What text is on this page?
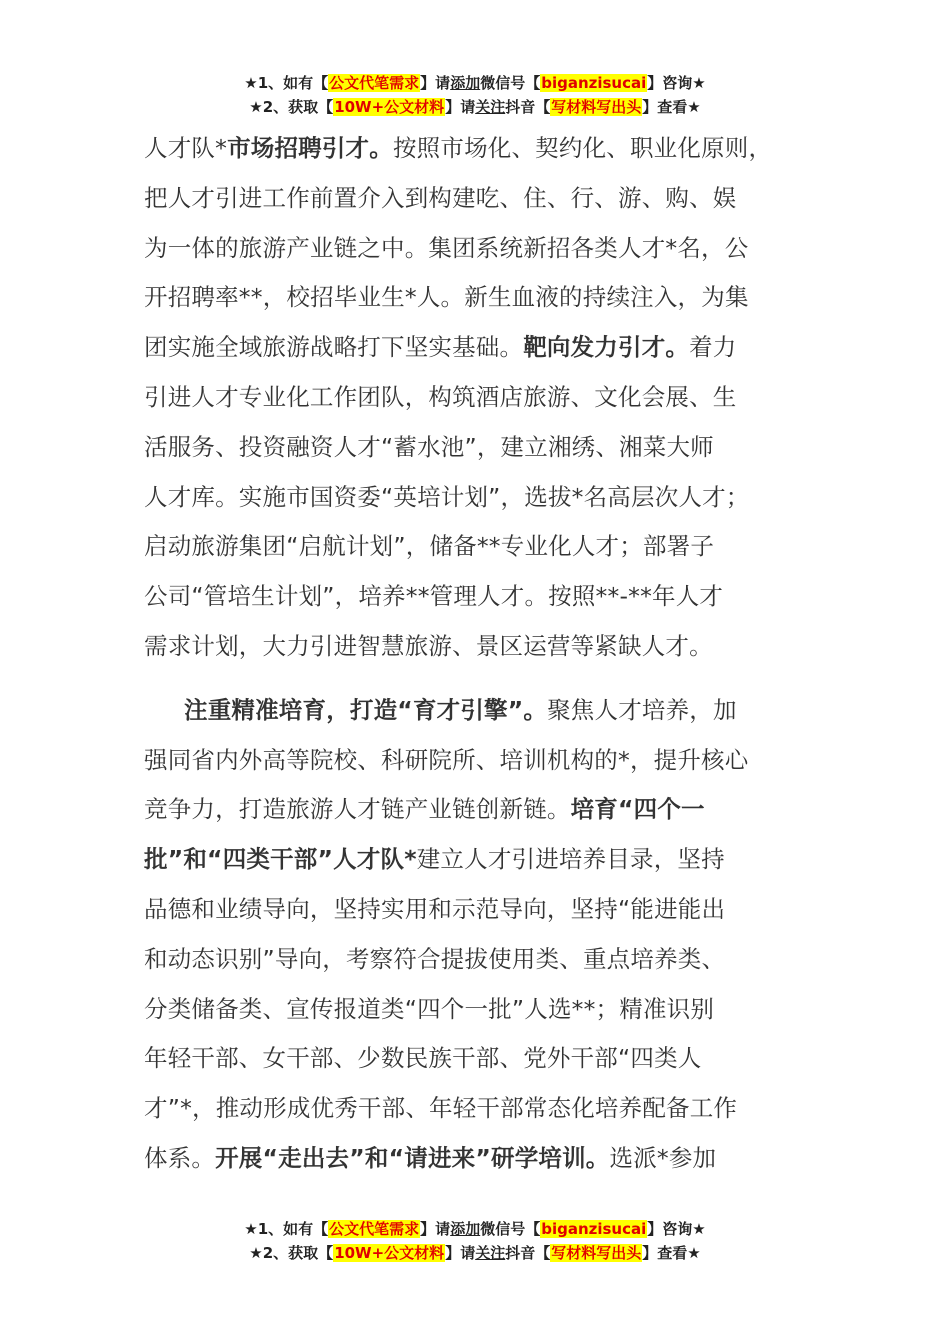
★1、如有【公文代笔需求】请添加微信号【biganzisucai】咨询★
★2、获取【10W+公文材料】请关注抖音【写材料写出头】查看★
人才队*市场招聘引才。按照市场化、契约化、职业化原则，
把人才引进工作前置介入到构建吃、住、行、游、购、娱
为一体的旅游产业链之中。集团系统新招各类人才*名，公
开招聘率**，校招毕业生*人。新生血液的持续注入，为集
团实施全域旅游战略打下坚实基础。靶向发力引才。着力
引进人才专业化工作团队，构筑酒店旅游、文化会展、生
活服务、投资融资人才“蓄水池”，建立湘绣、湘菜大师
人才库。实施市国资委“英培计划”，选拔*名高层次人才；
启动旅游集团“启航计划”，储备**专业化人才；部署子
公司“管培生计划”，培养**管理人才。按照**-**年人才
需求计划，大力引进智慧旅游、景区运营等紧缺人才。
注重精准培育，打造“育才引擎”。聚焦人才培养，加
强同省内外高等院校、科研院所、培训机构的*，提升核心
竞争力，打造旅游人才链产业链创新链。培育“四个一
批”和“四类干部”人才队*建立人才引进培养目录，坚持
品德和业绩导向，坚持实用和示范导向，坚持“能进能出
和动态识别”导向，考察符合提拔使用类、重点培养类、
分类储备类、宣传报道类“四个一批”人选**；精准识别
年轻干部、女干部、少数民族干部、党外干部“四类人
才”*，推动形成优秀干部、年轻干部常态化培养配备工作
体系。开展“走出去”和“请进来”研学培训。选派*参加
★1、如有【公文代笔需求】请添加微信号【biganzisucai】咨询★
★2、获取【10W+公文材料】请关注抖音【写材料写出头】查看★
